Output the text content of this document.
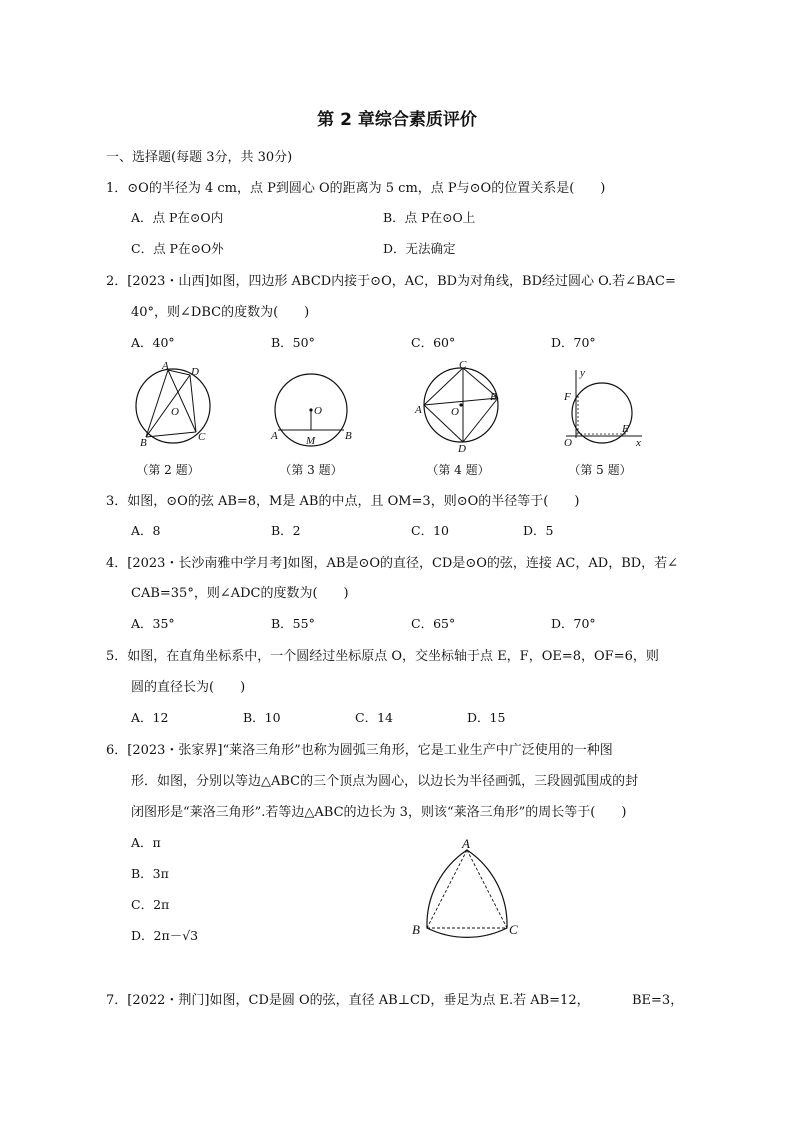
第 2 章综合素质评价
一、选择题(每题 3分，共 30分)
1．⊙O的半径为 4 cm，点 P到圆心 O的距离为 5 cm，点 P与⊙O的位置关系是(　　)
A．点 P在⊙O内	B．点 P在⊙O上
C．点 P在⊙O外	D．无法确定
2．[2023・山西]如图，四边形 ABCD内接于⊙O，AC，BD为对角线，BD经过圆心 O.若∠BAC=
40°，则∠DBC的度数为(　　)
A．40°	B．50°	C．60°	D．70°
A D
O
B	C
（第 2 题）
O
A	M	B
（第 3 题）
C
A	O
B
D
（第 4 题）
y
F
E
O	x
（第 5 题）
3．如图，⊙O的弦 AB=8，M是 AB的中点，且 OM=3，则⊙O的半径等于(　　)
A．8	B．2	C．10	D．5
4．[2023・长沙南雅中学月考]如图，AB是⊙O的直径，CD是⊙O的弦，连接 AC，AD，BD，若∠
CAB=35°，则∠ADC的度数为(　　)
A．35°	B．55°	C．65°	D．70°
5．如图，在直角坐标系中，一个圆经过坐标原点 O，交坐标轴于点 E，F，OE=8，OF=6，则
圆的直径长为(　　)
A．12	B．10	C．14	D．15
6．[2023・张家界]“莱洛三角形”也称为圆弧三角形，它是工业生产中广泛使用的一种图
形．如图，分别以等边△ABC的三个顶点为圆心，以边长为半径画弧，三段圆弧围成的封
闭图形是“莱洛三角形”.若等边△ABC的边长为 3，则该“莱洛三角形”的周长等于(　　)
A．π
B．3π
C．2π
D．2π－√3
A
B	C
7．[2022・荆门]如图，CD是圆 O的弦，直径 AB⊥CD，垂足为点 E.若 AB=12，	BE=3，
